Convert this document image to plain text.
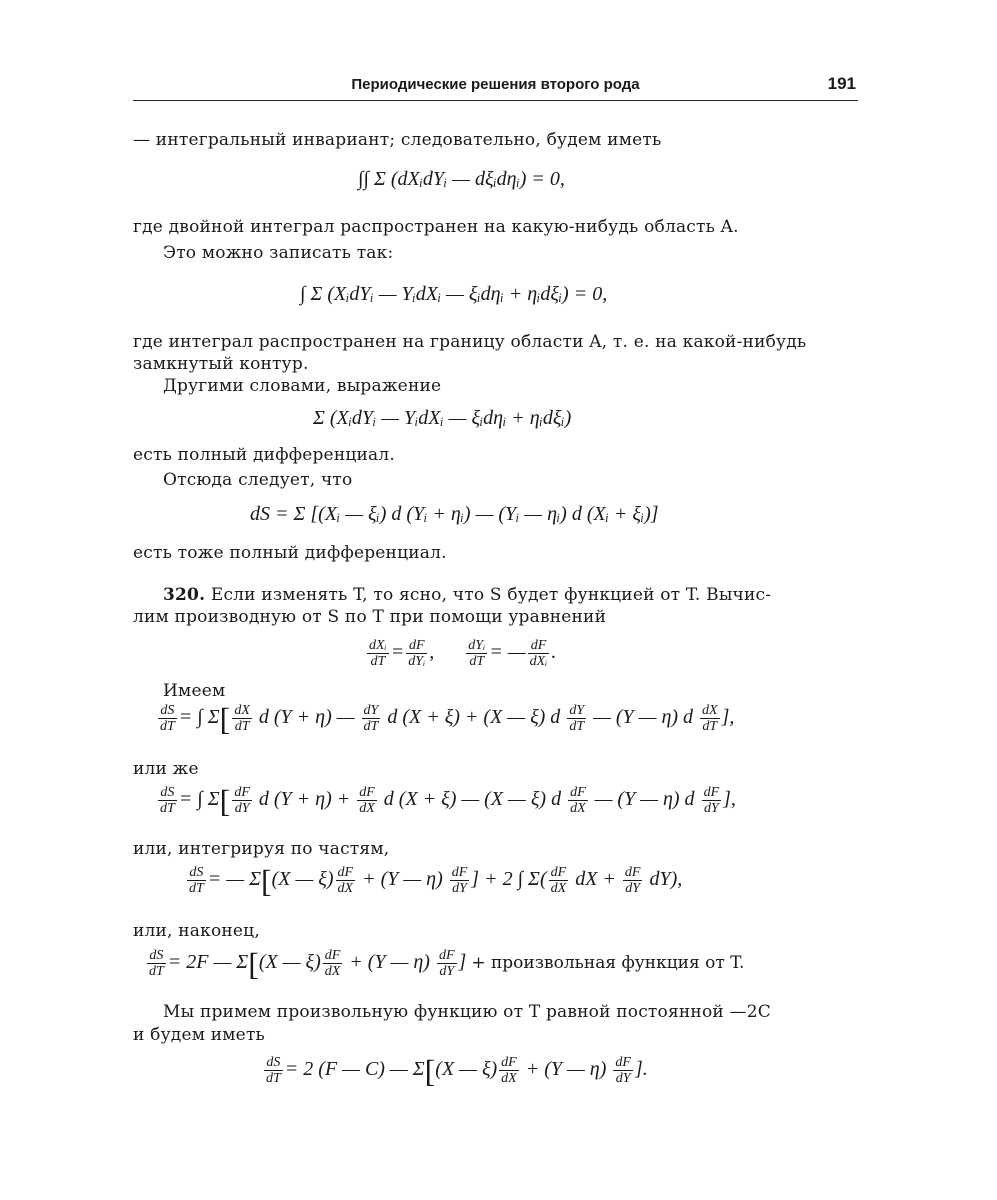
Периодические решения второго рода	191
— интегральный инвариант; следовательно, будем иметь
∫∫ Σ (dXᵢdYᵢ — dξᵢdηᵢ) = 0,
где двойной интеграл распространен на какую-нибудь область A.
Это можно записать так:
∫ Σ (XᵢdYᵢ — YᵢdXᵢ — ξᵢdηᵢ + ηᵢdξᵢ) = 0,
где интеграл распространен на границу области A, т. е. на какой-нибудь
замкнутый контур.
Другими словами, выражение
Σ (XᵢdYᵢ — YᵢdXᵢ — ξᵢdηᵢ + ηᵢdξᵢ)
есть полный дифференциал.
Отсюда следует, что
dS = Σ [(Xᵢ — ξᵢ) d (Yᵢ + ηᵢ) — (Yᵢ — ηᵢ) d (Xᵢ + ξᵢ)]
есть тоже полный дифференциал.
320. Если изменять T, то ясно, что S будет функцией от T. Вычис-
лим производную от S по T при помощи уравнений
$\frac{\text{dXᵢ}}{dT} = \frac{dF}{\text{dYᵢ}}$ , $\frac{\text{dYᵢ}}{dT}$ = — $\frac{dF}{\text{dXᵢ}}$ .
Имеем
$\frac{dS}{dT}$ = ∫ $\Sigma[ \frac{dX}{dT}$ d (Y + η) — $\frac{dY}{dT}$ d (X + ξ) + (X — ξ) d $\frac{dY}{dT}$ — (Y — η) d $\frac{dX}{dT}$ ],
или же
$\frac{dS}{dT}$ = ∫ $\Sigma[ \frac{dF}{dY}$ d $(Y + \eta) + \frac{dF}{dX}$ d (X + ξ) — (X — ξ) d $\frac{dF}{dX}$ — (Y — η) d $\frac{dF}{dY}$ ],
или, интегрируя по частям,
$\frac{dS}{dT}$ = — Σ[(X — $\xi) \frac{dF}{dX} + (Y$ — $\eta) \frac{dF}{dY}$ ] + 2 ∫ $\Sigma( \frac{dF}{dX}$ dX + $\frac{dF}{dY} dY$),
или, наконец,
$\frac{dS}{dT} = 2F$ — Σ[(X — $\xi) \frac{dF}{dX} + (Y$ — $\eta) \frac{dF}{dY}$ ] + произвольная функция от T.
Мы примем произвольную функцию от T равной постоянной —2C
и будем иметь
$\frac{dS}{dT} = 2$ (F — C) — Σ[(X — $\xi) \frac{dF}{dX} + (Y$ — $\eta) \frac{dF}{dY}$ ].
